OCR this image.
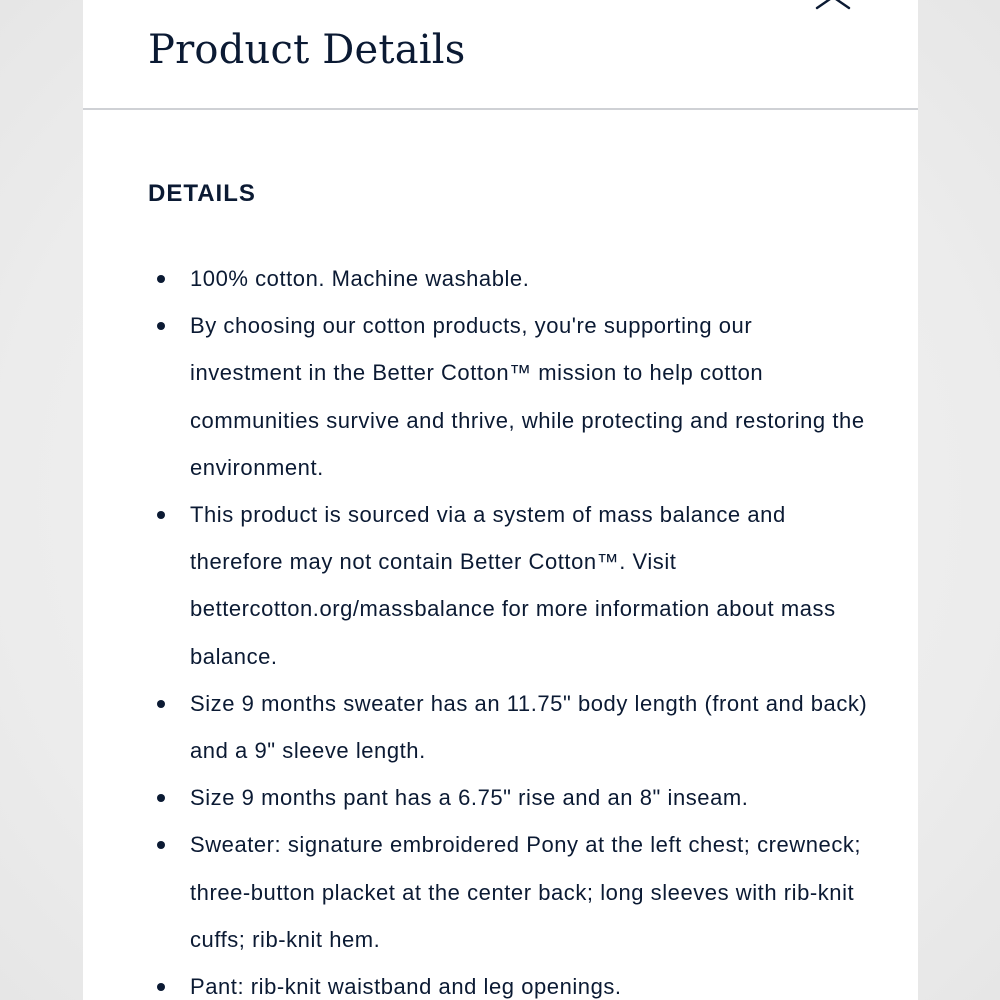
Product Details
DETAILS
100% cotton. Machine washable.
By choosing our cotton products, you're supporting our investment in the Better Cotton™ mission to help cotton communities survive and thrive, while protecting and restoring the environment.
This product is sourced via a system of mass balance and therefore may not contain Better Cotton™. Visit bettercotton.org/massbalance for more information about mass balance.
Size 9 months sweater has an 11.75" body length (front and back) and a 9" sleeve length.
Size 9 months pant has a 6.75" rise and an 8" inseam.
Sweater: signature embroidered Pony at the left chest; crewneck; three-button placket at the center back; long sleeves with rib-knit cuffs; rib-knit hem.
Pant: rib-knit waistband and leg openings.
